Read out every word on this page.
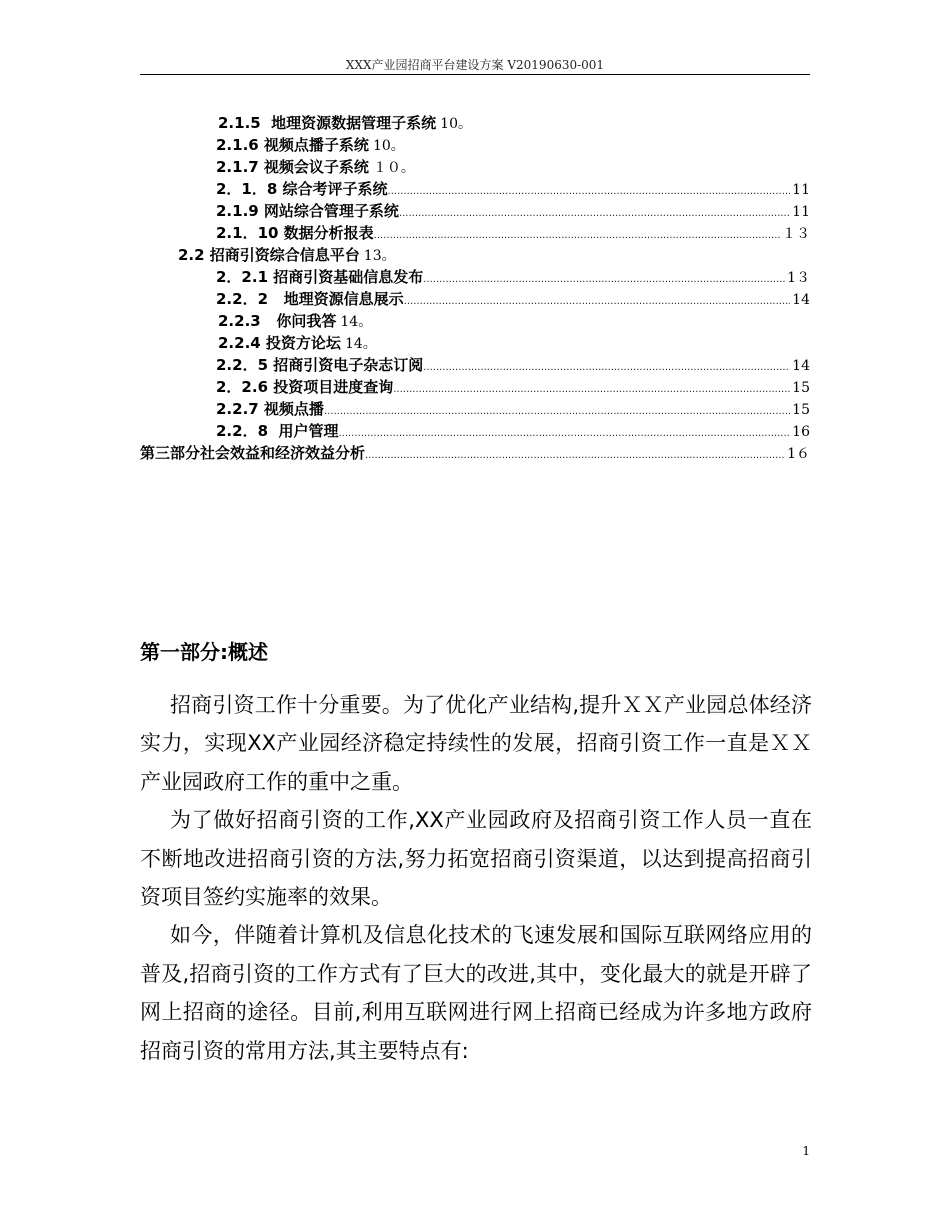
XXX产业园招商平台建设方案 V20190630-001
2.1.5  地理资源数据管理子系统 10。
2.1.6 视频点播子系统 10。
2.1.7 视频会议子系统 １０。
2．1．8 综合考评子系统 .....	11
2.1.9 网站综合管理子系统 .....	11
2.1．10 数据分析报表 .....	１３
2.2 招商引资综合信息平台 13。
2．2.1 招商引资基础信息发布 .....	1３
2.2．2   地理资源信息展示 .....	14
2.2.3   你问我答 14。
2.2.4 投资方论坛 14。
2.2．5 招商引资电子杂志订阅 .....	14
2．2.6 投资项目进度查询 .....	15
2.2.7 视频点播 .....	15
2.2．8  用户管理 .....	16
第三部分社会效益和经济效益分析 .....	1６
第一部分:概述

招商引资工作十分重要。为了优化产业结构,提升ＸＸ产业园总体经济实力，实现XX产业园经济稳定持续性的发展，招商引资工作一直是ＸＸ产业园政府工作的重中之重。

为了做好招商引资的工作,XX产业园政府及招商引资工作人员一直在不断地改进招商引资的方法,努力拓宽招商引资渠道，以达到提高招商引资项目签约实施率的效果。

如今，伴随着计算机及信息化技术的飞速发展和国际互联网络应用的普及,招商引资的工作方式有了巨大的改进,其中，变化最大的就是开辟了网上招商的途径。目前,利用互联网进行网上招商已经成为许多地方政府招商引资的常用方法,其主要特点有:

1
